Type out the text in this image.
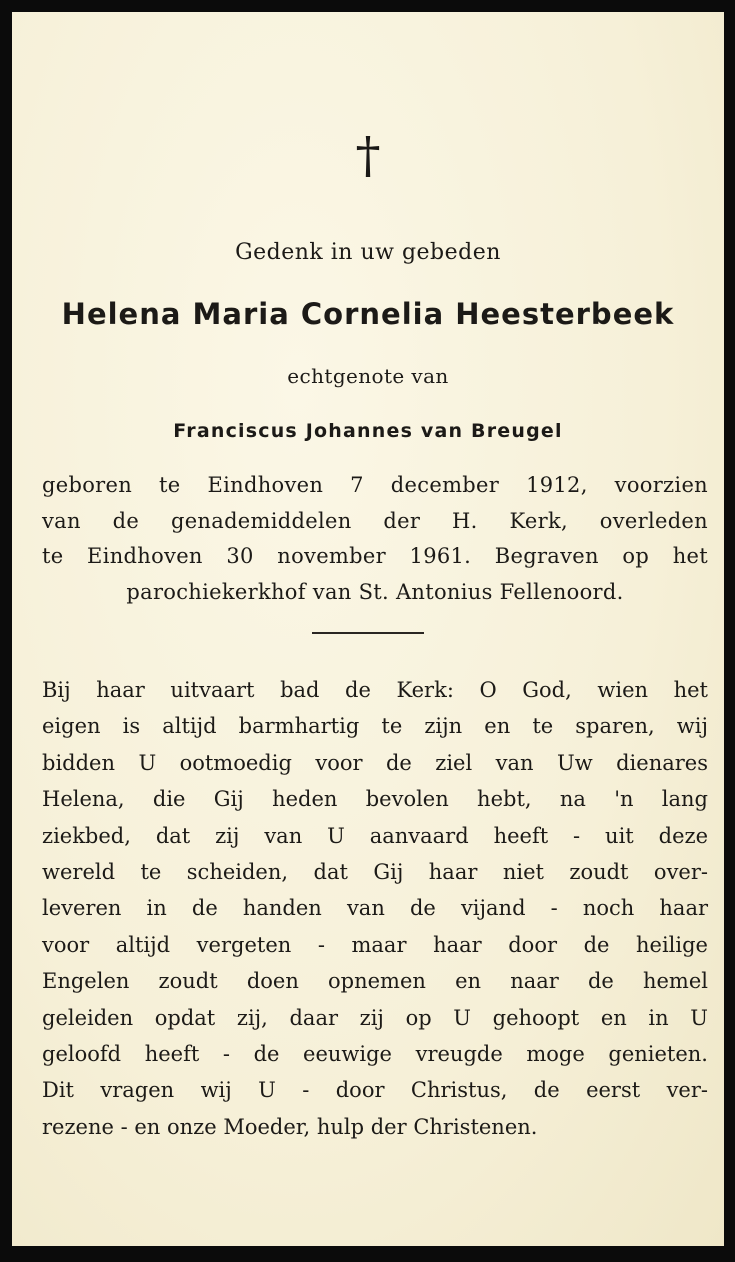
†
Gedenk in uw gebeden
Helena Maria Cornelia Heesterbeek
echtgenote van
Franciscus Johannes van Breugel
geboren te Eindhoven 7 december 1912, voorzien
van de genademiddelen der H. Kerk, overleden
te Eindhoven 30 november 1961. Begraven op het
parochiekerkhof van St. Antonius Fellenoord.
Bij haar uitvaart bad de Kerk: O God, wien het
eigen is altijd barmhartig te zijn en te sparen, wij
bidden U ootmoedig voor de ziel van Uw dienares
Helena, die Gij heden bevolen hebt, na 'n lang
ziekbed, dat zij van U aanvaard heeft - uit deze
wereld te scheiden, dat Gij haar niet zoudt over-
leveren in de handen van de vijand - noch haar
voor altijd vergeten - maar haar door de heilige
Engelen zoudt doen opnemen en naar de hemel
geleiden opdat zij, daar zij op U gehoopt en in U
geloofd heeft - de eeuwige vreugde moge genieten.
Dit vragen wij U - door Christus, de eerst ver-
rezene - en onze Moeder, hulp der Christenen.
